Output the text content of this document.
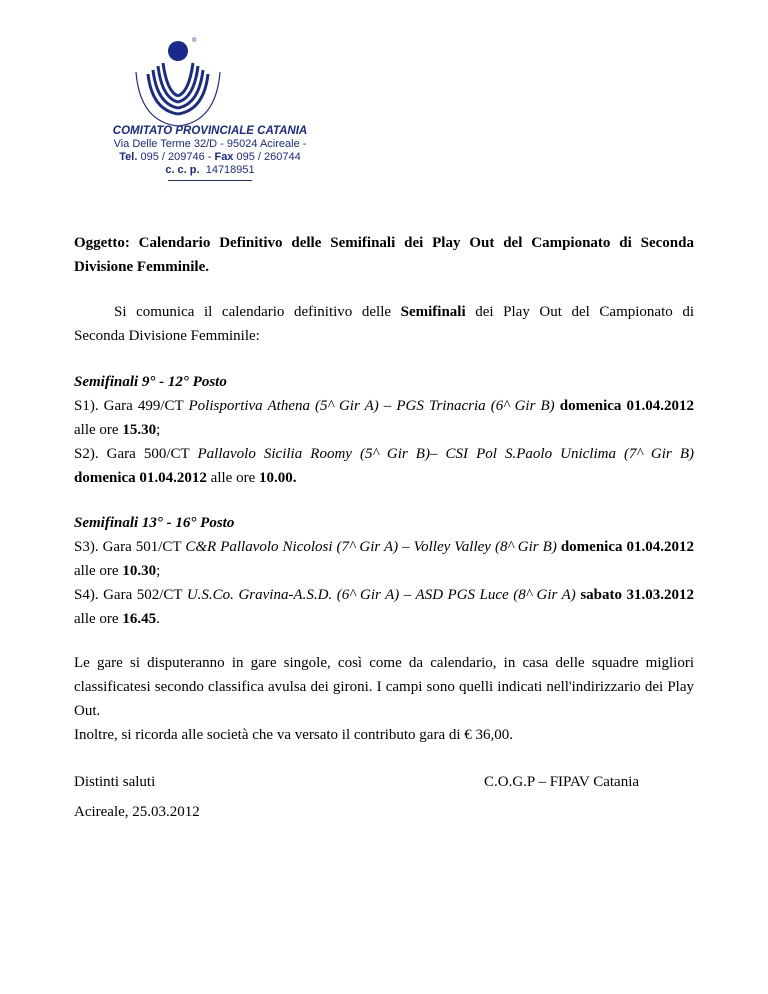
®
COMITATO PROVINCIALE CATANIA
Via Delle Terme 32/D - 95024 Acireale -
Tel. 095 / 209746 - Fax 095 / 260744
c. c. p. 14718951
Oggetto: Calendario Definitivo delle Semifinali dei Play Out del Campionato di Seconda Divisione Femminile.
Si comunica il calendario definitivo delle Semifinali dei Play Out del Campionato di
Seconda Divisione Femminile:
Semifinali 9° - 12° Posto
S1). Gara 499/CT Polisportiva Athena (5^ Gir A) – PGS Trinacria (6^ Gir B) domenica 01.04.2012 alle ore 15.30;
S2). Gara 500/CT Pallavolo Sicilia Roomy (5^ Gir B)– CSI Pol S.Paolo Uniclima (7^ Gir B) domenica 01.04.2012 alle ore 10.00.
Semifinali 13° - 16° Posto
S3). Gara 501/CT C&R Pallavolo Nicolosi (7^ Gir A) – Volley Valley (8^ Gir B) domenica 01.04.2012 alle ore 10.30;
S4). Gara 502/CT U.S.Co. Gravina-A.S.D. (6^ Gir A) – ASD PGS Luce (8^ Gir A) sabato 31.03.2012 alle ore 16.45.
Le gare si disputeranno in gare singole, così come da calendario, in casa delle squadre migliori classificatesi secondo classifica avulsa dei gironi. I campi sono quelli indicati nell'indirizzario dei Play Out.
Inoltre, si ricorda alle società che va versato il contributo gara di € 36,00.
Distinti saluti	C.O.G.P – FIPAV Catania
Acireale, 25.03.2012
